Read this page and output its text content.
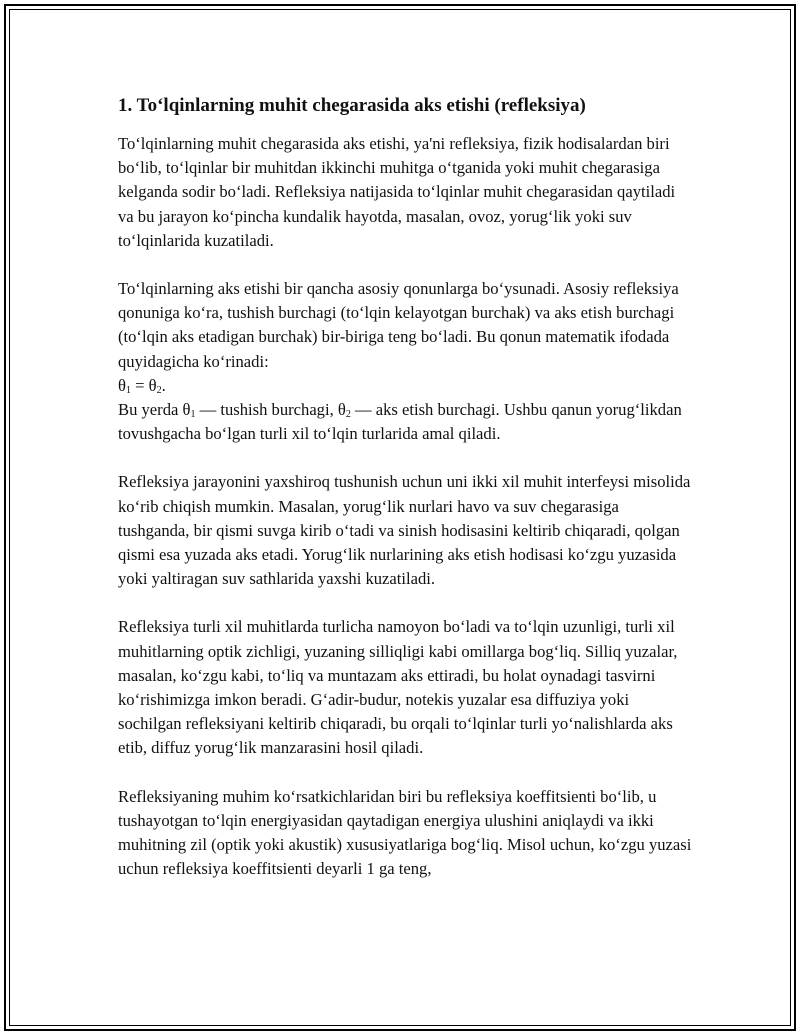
1. To‘lqinlarning muhit chegarasida aks etishi (refleksiya)

To‘lqinlarning muhit chegarasida aks etishi, ya'ni refleksiya, fizik hodisalardan biri bo‘lib, to‘lqinlar bir muhitdan ikkinchi muhitga o‘tganida yoki muhit chegarasiga kelganda sodir bo‘ladi. Refleksiya natijasida to‘lqinlar muhit chegarasidan qaytiladi va bu jarayon ko‘pincha kundalik hayotda, masalan, ovoz, yorug‘lik yoki suv to‘lqinlarida kuzatiladi.

To‘lqinlarning aks etishi bir qancha asosiy qonunlarga bo‘ysunadi. Asosiy refleksiya qonuniga ko‘ra, tushish burchagi (to‘lqin kelayotgan burchak) va aks etish burchagi (to‘lqin aks etadigan burchak) bir-biriga teng bo‘ladi. Bu qonun matematik ifodada quyidagicha ko‘rinadi:
$\theta_1 = \theta_2$.
Bu yerda $\theta_1$ — tushish burchagi, $\theta_2$ — aks etish burchagi. Ushbu qanun yorug‘likdan tovushgacha bo‘lgan turli xil to‘lqin turlarida amal qiladi.

Refleksiya jarayonini yaxshiroq tushunish uchun uni ikki xil muhit interfeysi misolida ko‘rib chiqish mumkin. Masalan, yorug‘lik nurlari havo va suv chegarasiga tushganda, bir qismi suvga kirib o‘tadi va sinish hodisasini keltirib chiqaradi, qolgan qismi esa yuzada aks etadi. Yorug‘lik nurlarining aks etish hodisasi ko‘zgu yuzasida yoki yaltiragan suv sathlarida yaxshi kuzatiladi.

Refleksiya turli xil muhitlarda turlicha namoyon bo‘ladi va to‘lqin uzunligi, turli xil muhitlarning optik zichligi, yuzaning silliqligi kabi omillarga bog‘liq. Silliq yuzalar, masalan, ko‘zgu kabi, to‘liq va muntazam aks ettiradi, bu holat oynadagi tasvirni ko‘rishimizga imkon beradi. G‘adir-budur, notekis yuzalar esa diffuziya yoki sochilgan refleksiyani keltirib chiqaradi, bu orqali to‘lqinlar turli yo‘nalishlarda aks etib, diffuz yorug‘lik manzarasini hosil qiladi.

Refleksiyaning muhim ko‘rsatkichlaridan biri bu refleksiya koeffitsienti bo‘lib, u tushayotgan to‘lqin energiyasidan qaytadigan energiya ulushini aniqlaydi va ikki muhitning zil (optik yoki akustik) xususiyatlariga bog‘liq. Misol uchun, ko‘zgu yuzasi uchun refleksiya koeffitsienti deyarli 1 ga teng,
